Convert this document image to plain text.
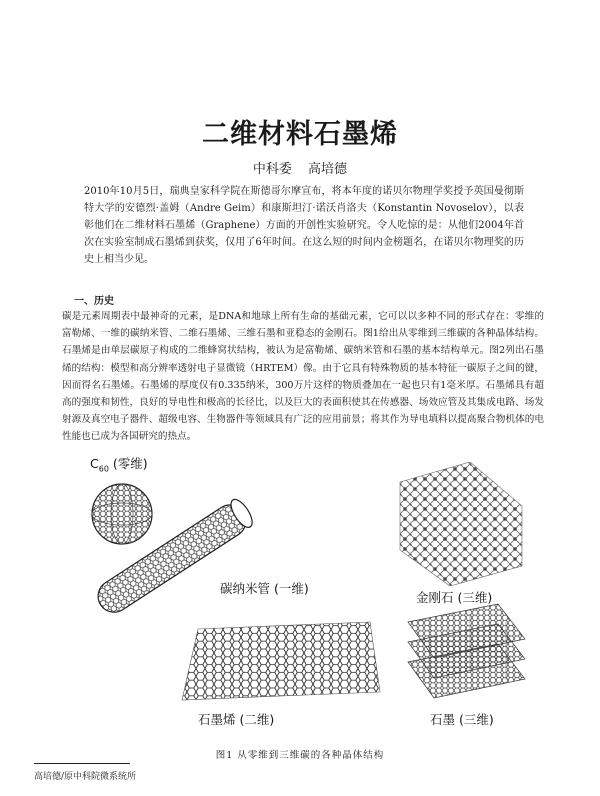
二维材料石墨烯
中科委 高培德
2010年10月5日，瑞典皇家科学院在斯德哥尔摩宣布，将本年度的诺贝尔物理学奖授予英国曼彻斯特大学的安德烈·盖姆（Andre Geim）和康斯坦汀·诺沃肖洛夫（Konstantin Novoselov），以表彰他们在二维材料石墨烯（Graphene）方面的开创性实验研究。令人吃惊的是：从他们2004年首次在实验室制成石墨烯到获奖，仅用了6年时间。在这么短的时间内金榜题名，在诺贝尔物理奖的历史上相当少见。
一、历史
碳是元素周期表中最神奇的元素，是DNA和地球上所有生命的基础元素，它可以以多种不同的形式存在：零维的富勒烯、一维的碳纳米管、二维石墨烯、三维石墨和亚稳态的金刚石。图1给出从零维到三维碳的各种晶体结构。石墨烯是由单层碳原子构成的二维蜂窝状结构，被认为是富勒烯、碳纳米管和石墨的基本结构单元。图2列出石墨烯的结构：模型和高分辨率透射电子显微镜（HRTEM）像。由于它具有特殊物质的基本特征一碳原子之间的键，因而得名石墨烯。石墨烯的厚度仅有0.335纳米，300万片这样的物质叠加在一起也只有1毫米厚。石墨烯具有超高的强度和韧性，良好的导电性和极高的长径比，以及巨大的表面积使其在传感器、场效应管及其集成电路、场发射源及真空电子器件、超级电容、生物器件等领域具有广泛的应用前景；将其作为导电填料以提高聚合物机体的电性能也已成为各国研究的热点。
$C_{60}$ (零维)
碳纳米管 (一维)
金刚石 (三维)
石墨烯 (二维)	石墨 (三维)
图1 从零维到三维碳的各种晶体结构
高培德/原中科院微系统所
